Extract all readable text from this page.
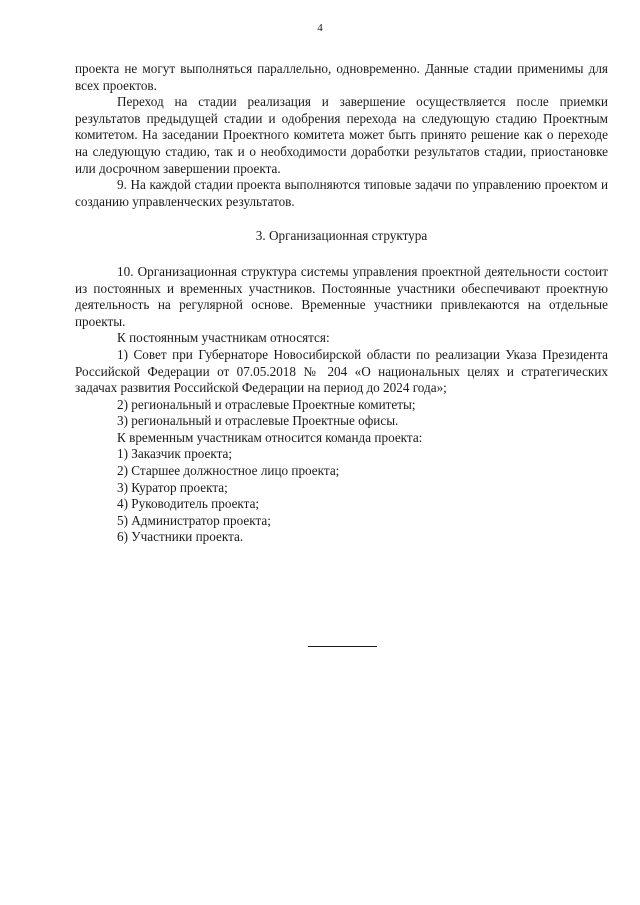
4

проекта не могут выполняться параллельно, одновременно. Данные стадии применимы для всех проектов.

Переход на стадии реализация и завершение осуществляется после приемки результатов предыдущей стадии и одобрения перехода на следующую стадию Проектным комитетом. На заседании Проектного комитета может быть принято решение как о переходе на следующую стадию, так и о необходимости доработки результатов стадии, приостановке или досрочном завершении проекта.

9. На каждой стадии проекта выполняются типовые задачи по управлению проектом и созданию управленческих результатов.

3. Организационная структура

10. Организационная структура системы управления проектной деятельности состоит из постоянных и временных участников. Постоянные участники обеспечивают проектную деятельность на регулярной основе. Временные участники привлекаются на отдельные проекты.

К постоянным участникам относятся:

1) Совет при Губернаторе Новосибирской области по реализации Указа Президента Российской Федерации от 07.05.2018 № 204 «О национальных целях и стратегических задачах развития Российской Федерации на период до 2024 года»;

2) региональный и отраслевые Проектные комитеты;

3) региональный и отраслевые Проектные офисы.

К временным участникам относится команда проекта:

1) Заказчик проекта;

2) Старшее должностное лицо проекта;

3) Куратор проекта;

4) Руководитель проекта;

5) Администратор проекта;

6) Участники проекта.
